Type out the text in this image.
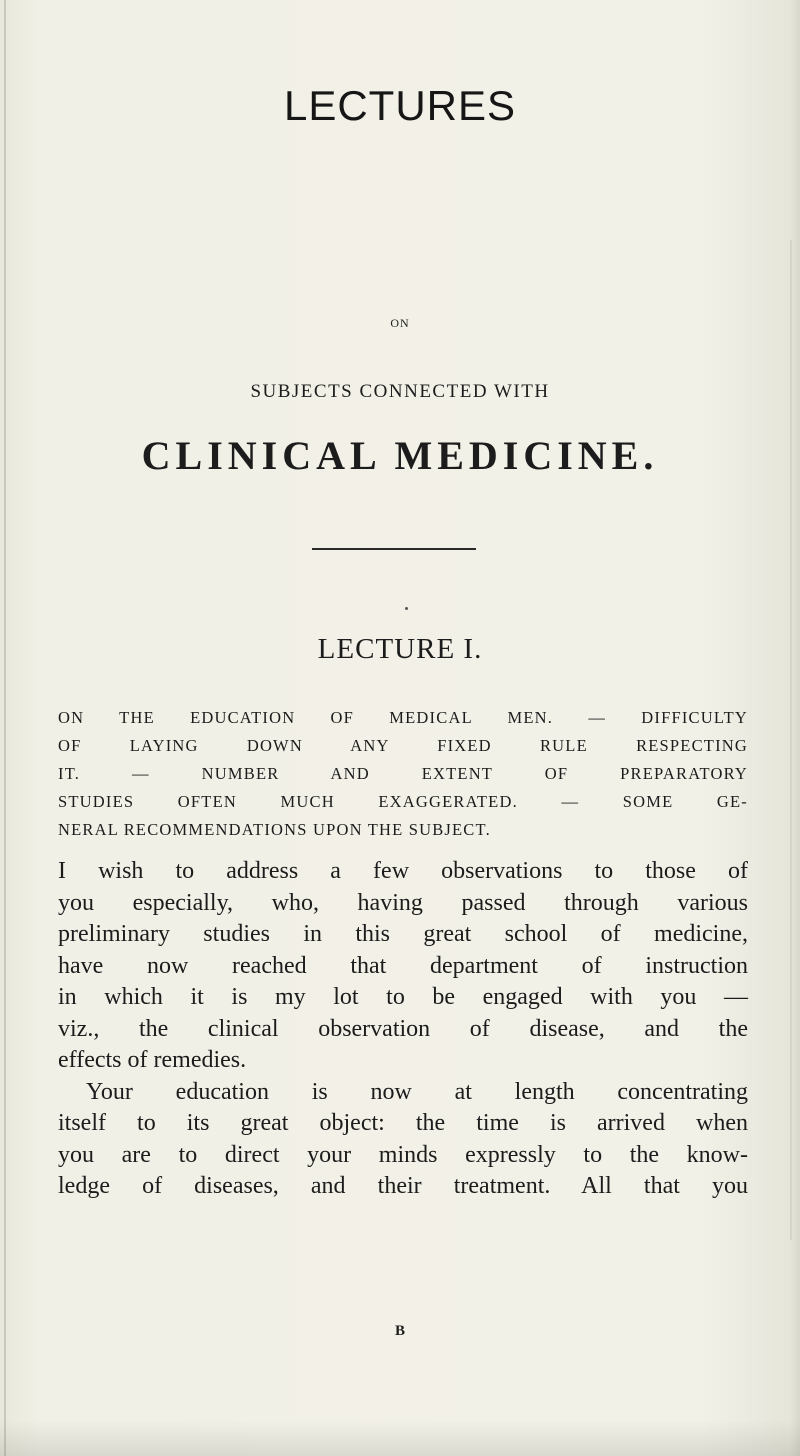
LECTURES
ON
SUBJECTS CONNECTED WITH
CLINICAL MEDICINE.
LECTURE I.
ON THE EDUCATION OF MEDICAL MEN. — DIFFICULTY
OF LAYING DOWN ANY FIXED RULE RESPECTING
IT. — NUMBER AND EXTENT OF PREPARATORY
STUDIES OFTEN MUCH EXAGGERATED. — SOME GE-
NERAL RECOMMENDATIONS UPON THE SUBJECT.
I wish to address a few observations to those of
you especially, who, having passed through various
preliminary studies in this great school of medicine,
have now reached that department of instruction
in which it is my lot to be engaged with you —
viz., the clinical observation of disease, and the
effects of remedies.
Your education is now at length concentrating
itself to its great object: the time is arrived when
you are to direct your minds expressly to the know-
ledge of diseases, and their treatment. All that you
B
